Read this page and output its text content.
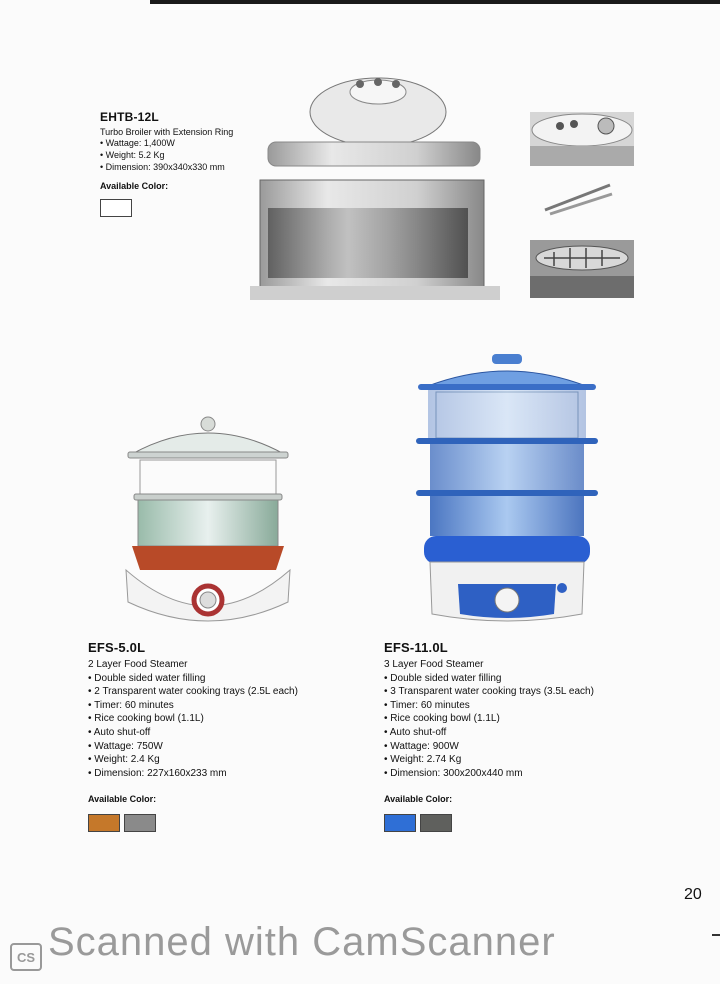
EHTB-12L
Turbo Broiler with Extension Ring
• Wattage: 1,400W
• Weight: 5.2 Kg
• Dimension: 390x340x330 mm
Available Color:
EFS-5.0L
2 Layer Food Steamer
• Double sided water filling
• 2 Transparent water cooking trays (2.5L each)
• Timer: 60 minutes
• Rice cooking bowl (1.1L)
• Auto shut-off
• Wattage: 750W
• Weight: 2.4 Kg
• Dimension: 227x160x233 mm
Available Color:
EFS-11.0L
3 Layer Food Steamer
• Double sided water filling
• 3 Transparent water cooking trays (3.5L each)
• Timer: 60 minutes
• Rice cooking bowl (1.1L)
• Auto shut-off
• Wattage: 900W
• Weight: 2.74 Kg
• Dimension: 300x200x440 mm
Available Color:
20
CS Scanned with CamScanner
